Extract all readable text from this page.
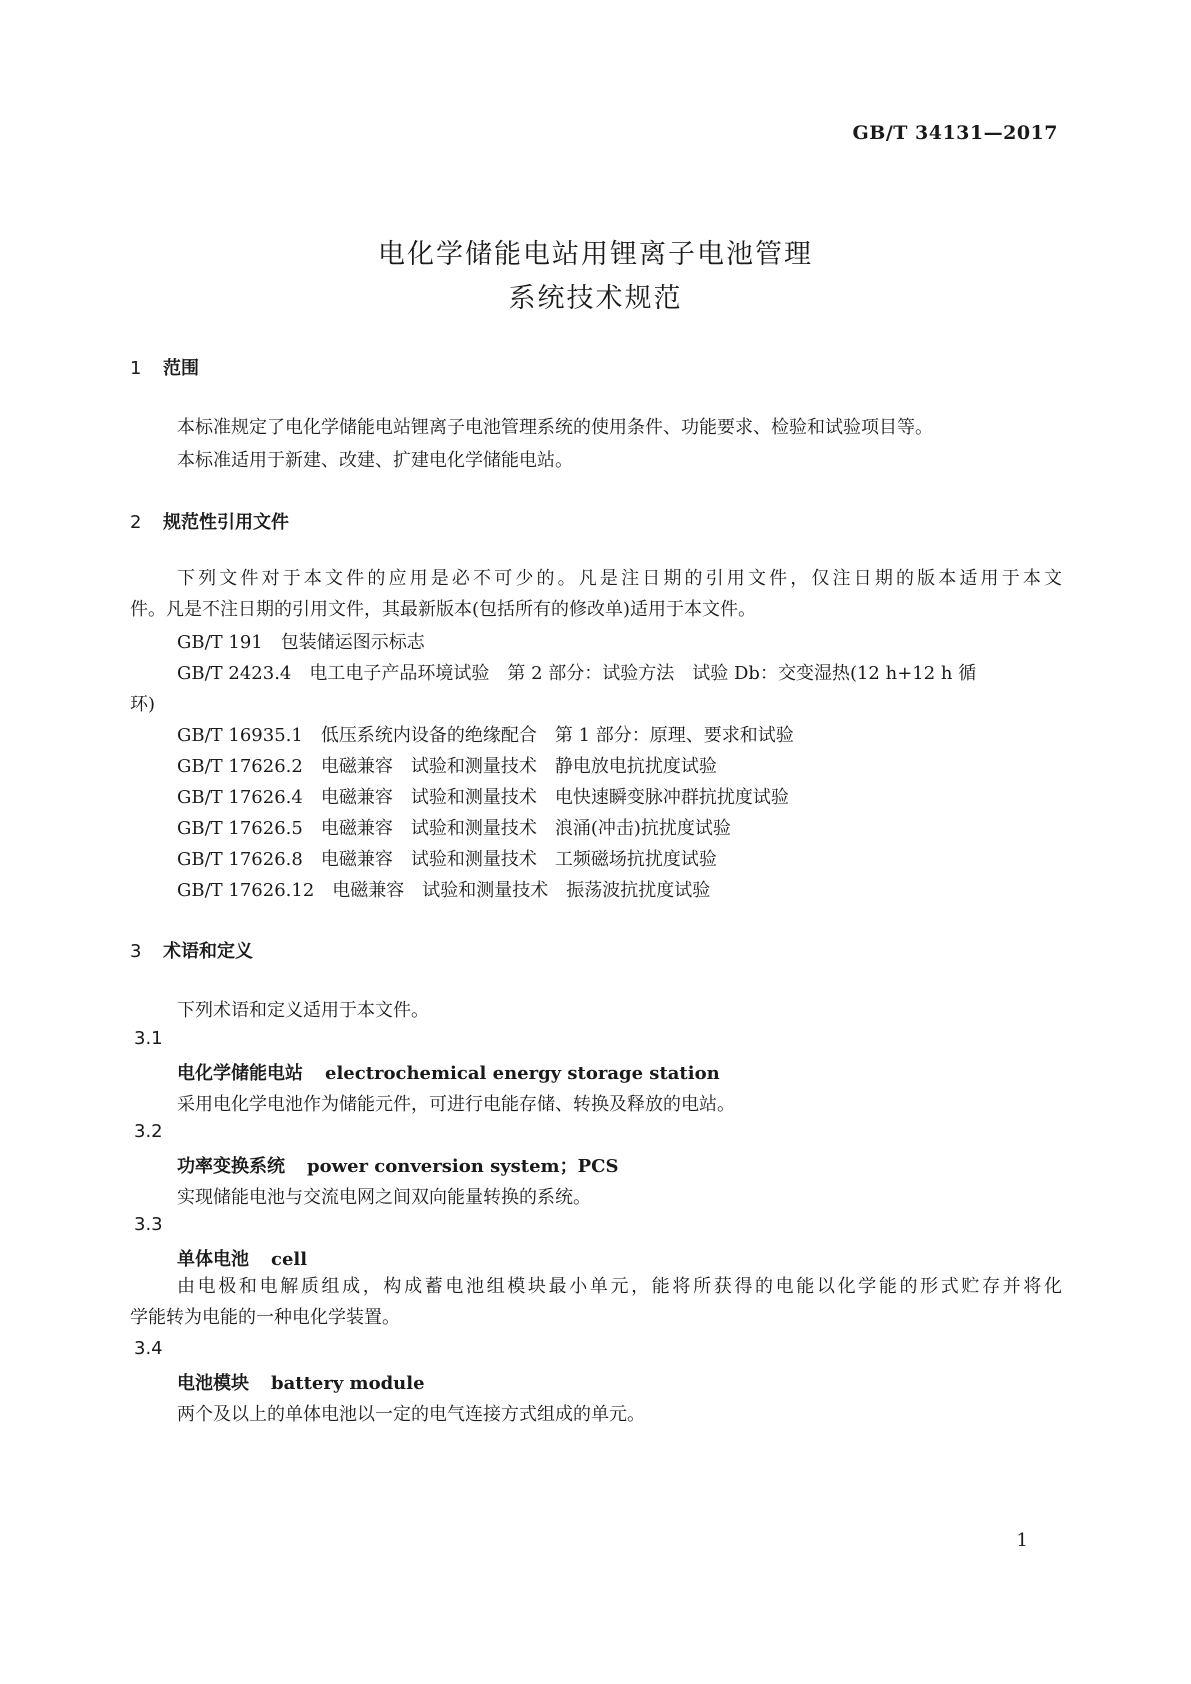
GB/T 34131—2017
电化学储能电站用锂离子电池管理
系统技术规范
1 范围
本标准规定了电化学储能电站锂离子电池管理系统的使用条件、功能要求、检验和试验项目等。
本标准适用于新建、改建、扩建电化学储能电站。
2 规范性引用文件
下列文件对于本文件的应用是必不可少的。凡是注日期的引用文件，仅注日期的版本适用于本文
件。凡是不注日期的引用文件，其最新版本(包括所有的修改单)适用于本文件。
GB/T 191 包装储运图示标志
GB/T 2423.4 电工电子产品环境试验　第 2 部分：试验方法　试验 Db：交变湿热(12 h+12 h 循
环)
GB/T 16935.1 低压系统内设备的绝缘配合　第 1 部分：原理、要求和试验
GB/T 17626.2 电磁兼容　试验和测量技术　静电放电抗扰度试验
GB/T 17626.4 电磁兼容　试验和测量技术　电快速瞬变脉冲群抗扰度试验
GB/T 17626.5 电磁兼容　试验和测量技术　浪涌(冲击)抗扰度试验
GB/T 17626.8 电磁兼容　试验和测量技术　工频磁场抗扰度试验
GB/T 17626.12 电磁兼容　试验和测量技术　振荡波抗扰度试验
3 术语和定义
下列术语和定义适用于本文件。
3.1
电化学储能电站 electrochemical energy storage station
采用电化学电池作为储能元件，可进行电能存储、转换及释放的电站。
3.2
功率变换系统 power conversion system；PCS
实现储能电池与交流电网之间双向能量转换的系统。
3.3
单体电池 cell
由电极和电解质组成，构成蓄电池组模块最小单元，能将所获得的电能以化学能的形式贮存并将化
学能转为电能的一种电化学装置。
3.4
电池模块 battery module
两个及以上的单体电池以一定的电气连接方式组成的单元。
1
